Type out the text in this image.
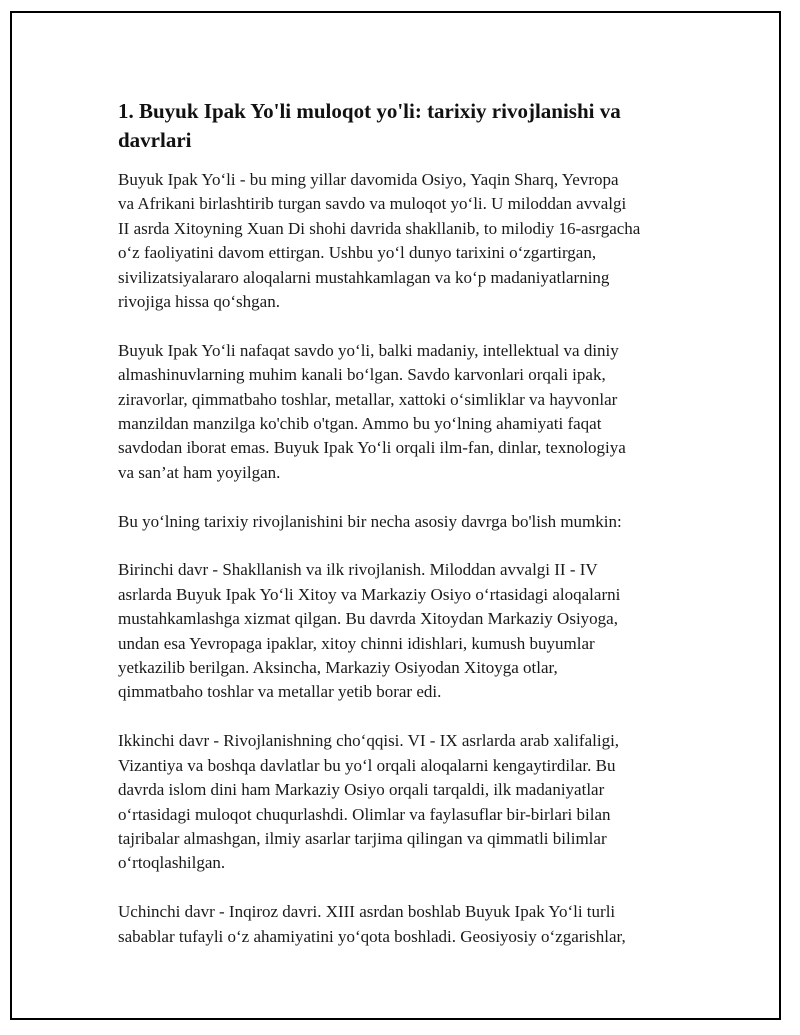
1. Buyuk Ipak Yo'li muloqot yo'li: tarixiy rivojlanishi va
davrlari

Buyuk Ipak Yo‘li - bu ming yillar davomida Osiyo, Yaqin Sharq, Yevropa
va Afrikani birlashtirib turgan savdo va muloqot yo‘li. U miloddan avvalgi
II asrda Xitoyning Xuan Di shohi davrida shakllanib, to milodiy 16-asrgacha
o‘z faoliyatini davom ettirgan. Ushbu yo‘l dunyo tarixini o‘zgartirgan,
sivilizatsiyalararo aloqalarni mustahkamlagan va ko‘p madaniyatlarning
rivojiga hissa qo‘shgan.

Buyuk Ipak Yo‘li nafaqat savdo yo‘li, balki madaniy, intellektual va diniy
almashinuvlarning muhim kanali bo‘lgan. Savdo karvonlari orqali ipak,
ziravorlar, qimmatbaho toshlar, metallar, xattoki o‘simliklar va hayvonlar
manzildan manzilga ko'chib o'tgan. Ammo bu yo‘lning ahamiyati faqat
savdodan iborat emas. Buyuk Ipak Yo‘li orqali ilm-fan, dinlar, texnologiya
va san’at ham yoyilgan.

Bu yo‘lning tarixiy rivojlanishini bir necha asosiy davrga bo'lish mumkin:

Birinchi davr - Shakllanish va ilk rivojlanish. Miloddan avvalgi II - IV
asrlarda Buyuk Ipak Yo‘li Xitoy va Markaziy Osiyo o‘rtasidagi aloqalarni
mustahkamlashga xizmat qilgan. Bu davrda Xitoydan Markaziy Osiyoga,
undan esa Yevropaga ipaklar, xitoy chinni idishlari, kumush buyumlar
yetkazilib berilgan. Aksincha, Markaziy Osiyodan Xitoyga otlar,
qimmatbaho toshlar va metallar yetib borar edi.

Ikkinchi davr - Rivojlanishning cho‘qqisi. VI - IX asrlarda arab xalifaligi,
Vizantiya va boshqa davlatlar bu yo‘l orqali aloqalarni kengaytirdilar. Bu
davrda islom dini ham Markaziy Osiyo orqali tarqaldi, ilk madaniyatlar
o‘rtasidagi muloqot chuqurlashdi. Olimlar va faylasuflar bir-birlari bilan
tajribalar almashgan, ilmiy asarlar tarjima qilingan va qimmatli bilimlar
o‘rtoqlashilgan.

Uchinchi davr - Inqiroz davri. XIII asrdan boshlab Buyuk Ipak Yo‘li turli
sabablar tufayli o‘z ahamiyatini yo‘qota boshladi. Geosiyosiy o‘zgarishlar,
